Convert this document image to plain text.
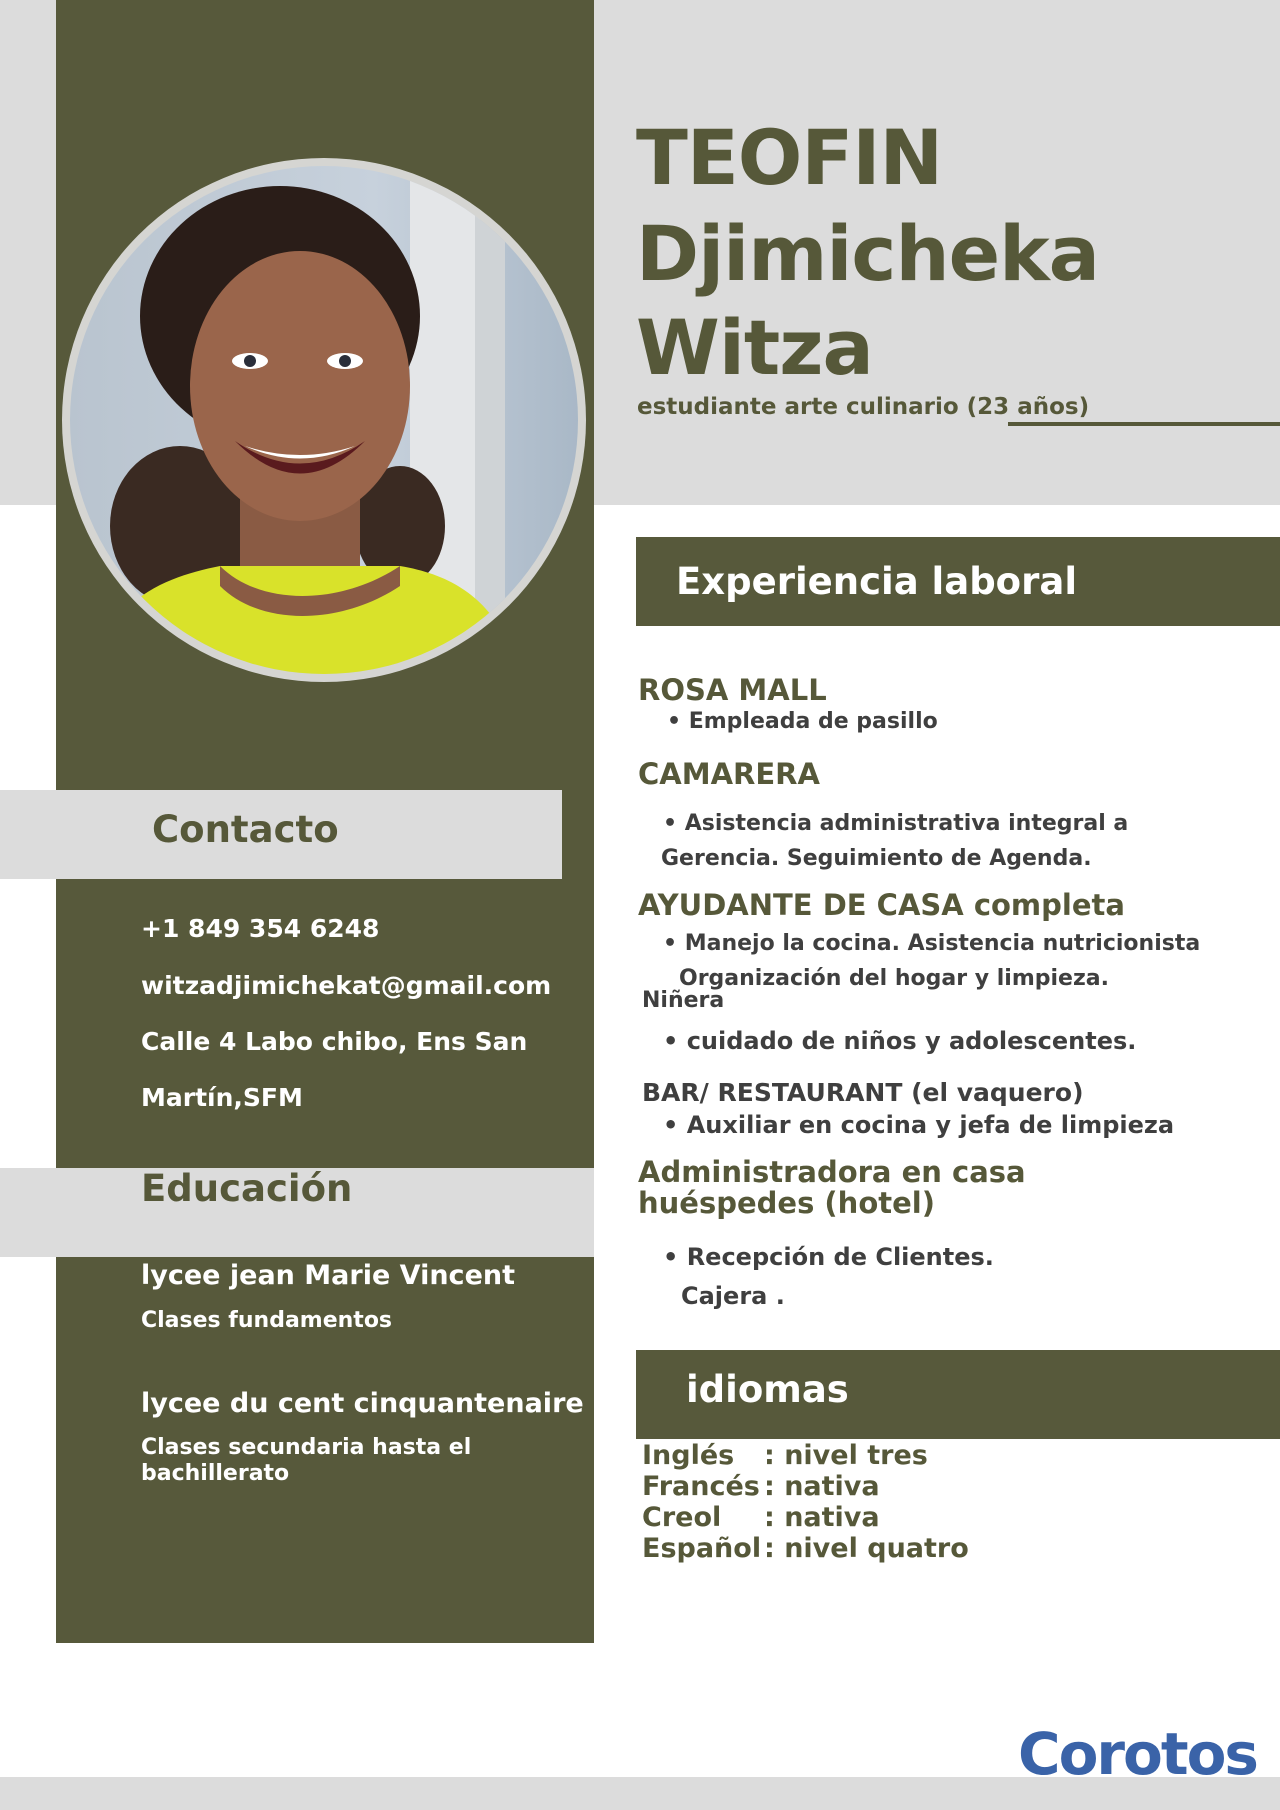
TEOFIN
Djimicheka
Witza
estudiante arte culinario (23 años)
Contacto
+1 849 354 6248
witzadjimichekat@gmail.com
Calle 4 Labo chibo, Ens San
Martín,SFM
Educación
lycee jean Marie Vincent
Clases fundamentos
lycee du cent cinquantenaire
Clases secundaria hasta el
bachillerato
Experiencia laboral
ROSA MALL
• Empleada de pasillo
CAMARERA
• Asistencia administrativa integral a
Gerencia. Seguimiento de Agenda.
AYUDANTE DE CASA completa
• Manejo la cocina. Asistencia nutricionista
Organización del hogar y limpieza.
Niñera
• cuidado de niños y adolescentes.
BAR/ RESTAURANT (el vaquero)
• Auxiliar en cocina y jefa de limpieza
Administradora en casa
huéspedes (hotel)
• Recepción de Clientes.
Cajera .
idiomas
Inglés : nivel tres
Francés : nativa
Creol : nativa
Español : nivel quatro
Corotos
